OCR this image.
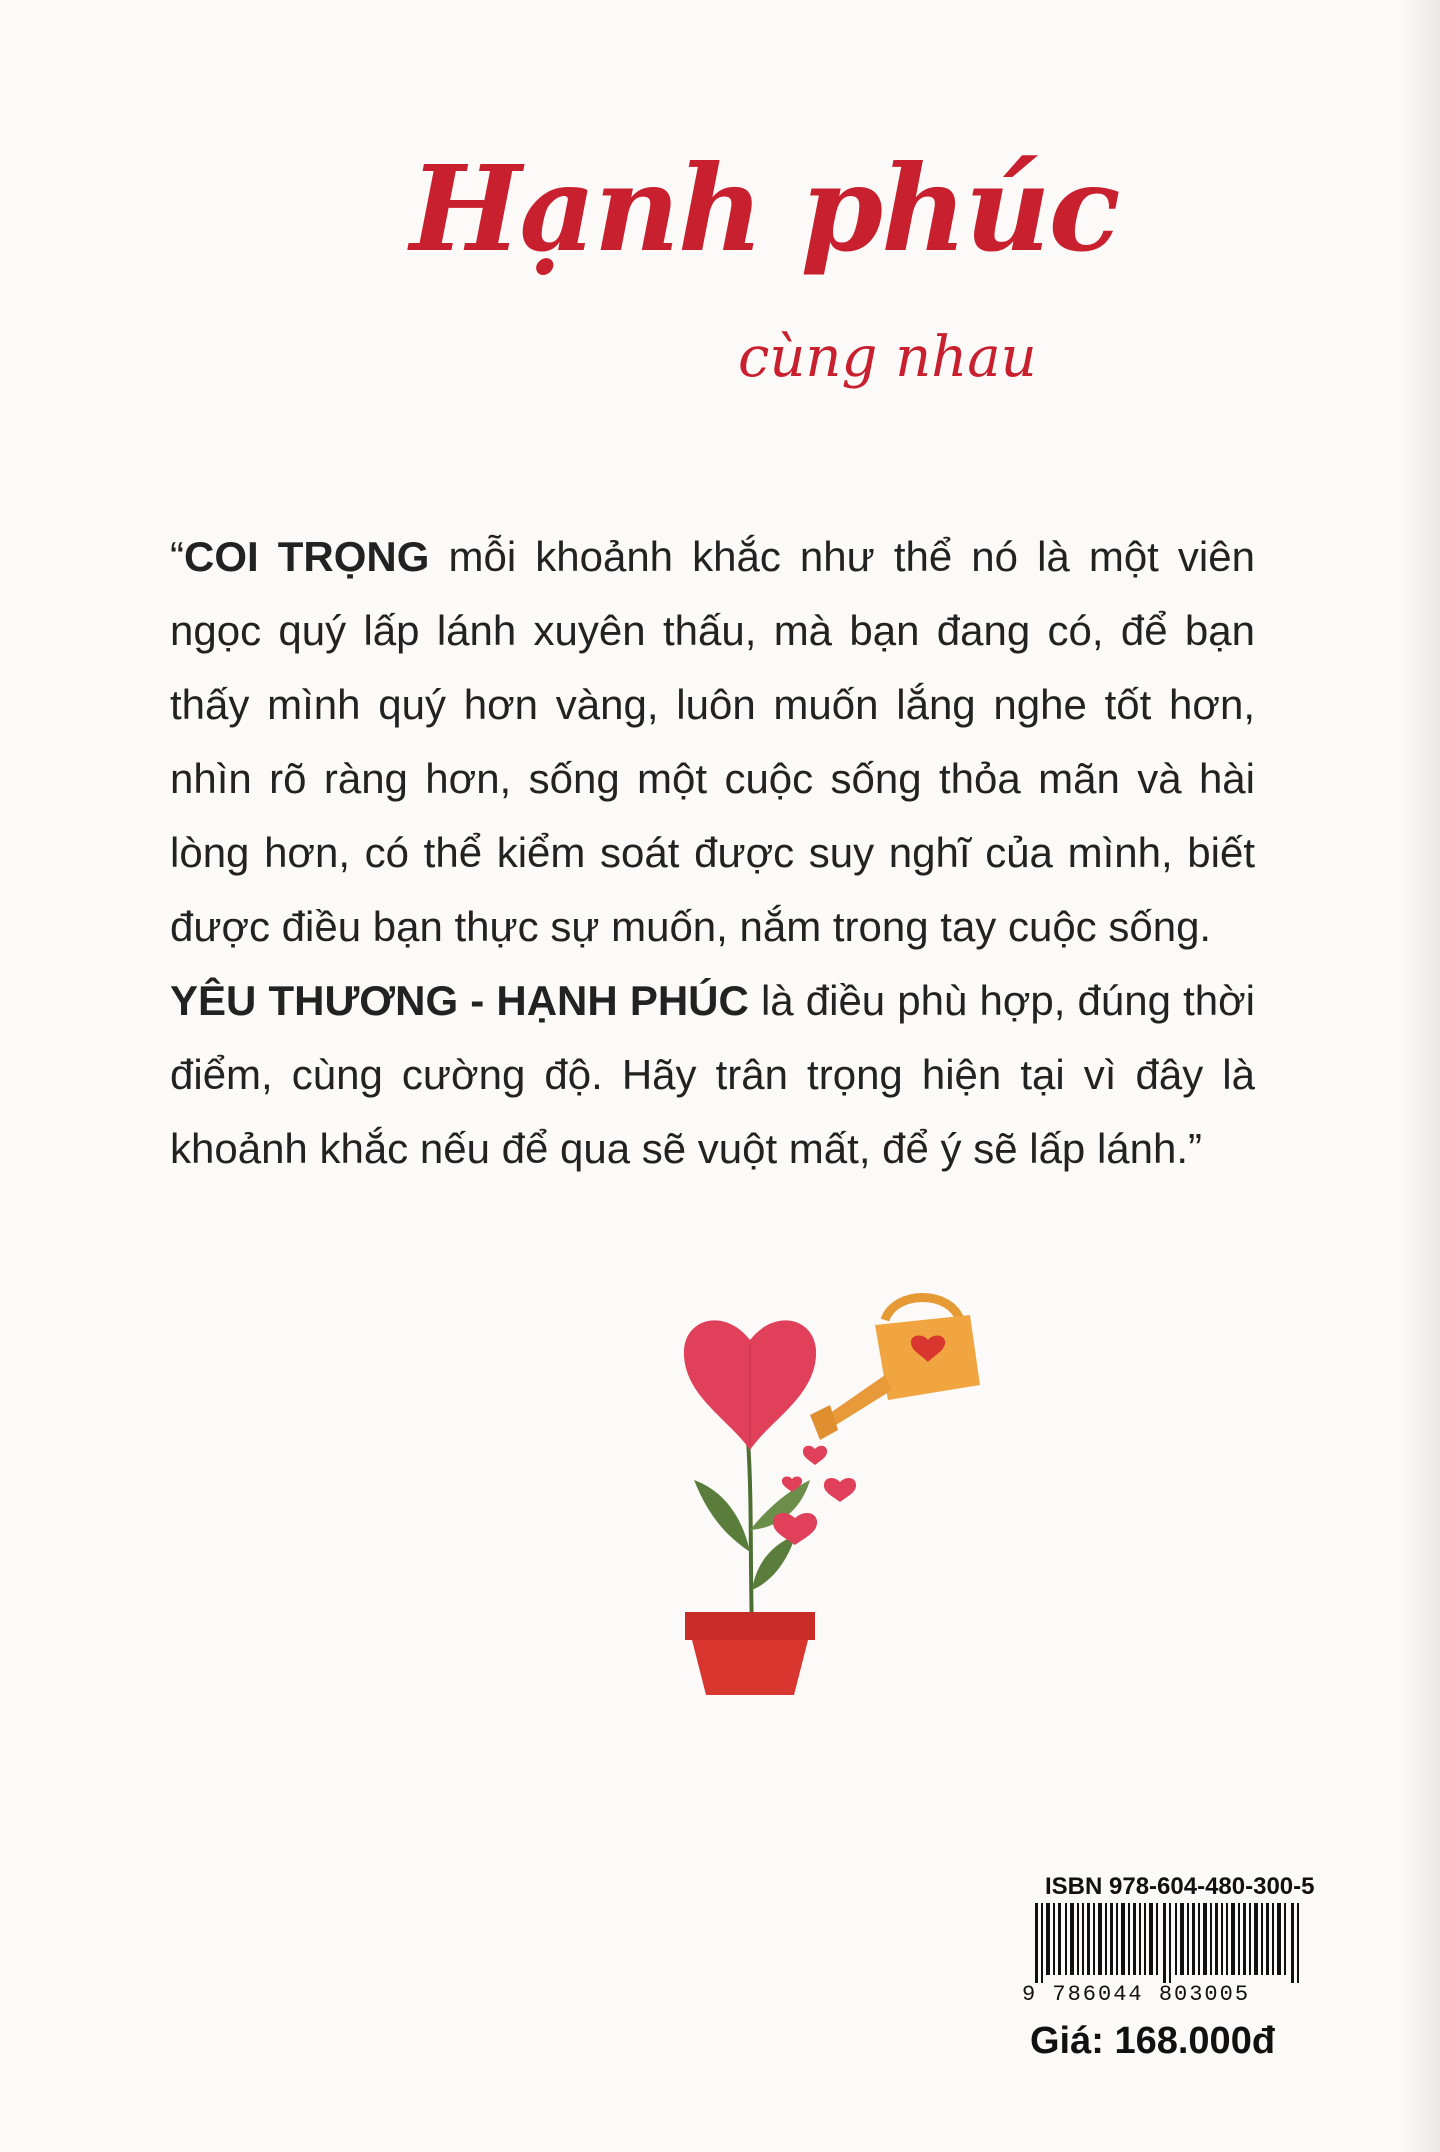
Hạnh phúc
cùng nhau
“COI TRỌNG mỗi khoảnh khắc như thể nó là một viên ngọc quý lấp lánh xuyên thấu, mà bạn đang có, để bạn thấy mình quý hơn vàng, luôn muốn lắng nghe tốt hơn, nhìn rõ ràng hơn, sống một cuộc sống thỏa mãn và hài lòng hơn, có thể kiểm soát được suy nghĩ của mình, biết được điều bạn thực sự muốn, nắm trong tay cuộc sống.
YÊU THƯƠNG - HẠNH PHÚC là điều phù hợp, đúng thời điểm, cùng cường độ. Hãy trân trọng hiện tại vì đây là khoảnh khắc nếu để qua sẽ vuột mất, để ý sẽ lấp lánh.”
ISBN 978-604-480-300-5
9 786044 803005
Giá: 168.000đ
